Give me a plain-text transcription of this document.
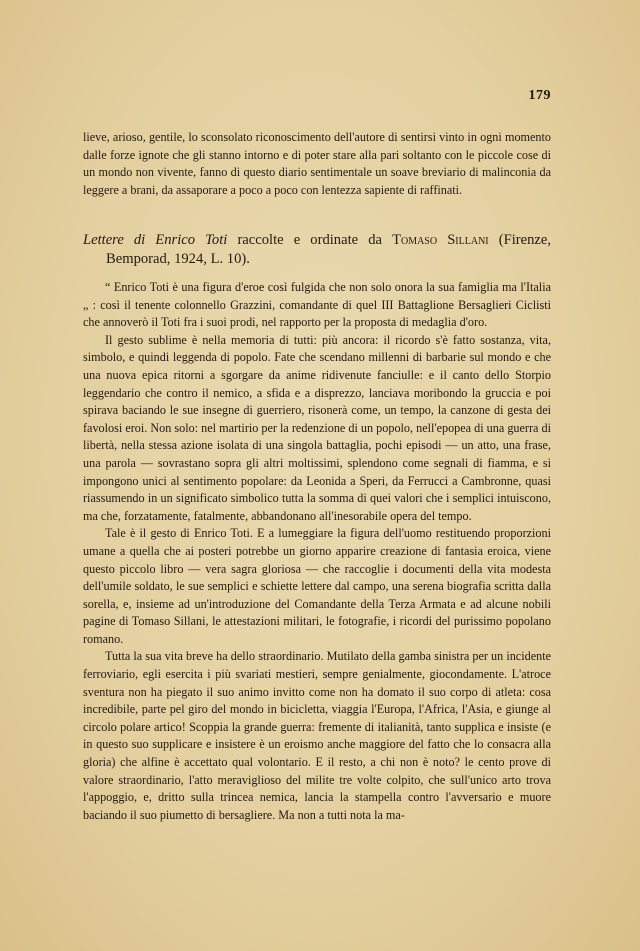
179

lieve, arioso, gentile, lo sconsolato riconoscimento dell'autore di sentirsi vinto in ogni momento dalle forze ignote che gli stanno intorno e di poter stare alla pari soltanto con le piccole cose di un mondo non vivente, fanno di questo diario sentimentale un soave breviario di malinconia da leggere a brani, da assaporare a poco a poco con lentezza sapiente di raffinati.

Lettere di Enrico Toti raccolte e ordinate da Tomaso Sillani (Firenze, Bemporad, 1924, L. 10).

“ Enrico Toti è una figura d'eroe così fulgida che non solo onora la sua famiglia ma l'Italia „ : così il tenente colonnello Grazzini, comandante di quel III Battaglione Bersaglieri Ciclisti che annoverò il Toti fra i suoi prodi, nel rapporto per la proposta di medaglia d'oro.

Il gesto sublime è nella memoria di tutti: più ancora: il ricordo s'è fatto sostanza, vita, simbolo, e quindi leggenda di popolo. Fate che scendano millenni di barbarie sul mondo e che una nuova epica ritorni a sgorgare da anime ridivenute fanciulle: e il canto dello Storpio leggendario che contro il nemico, a sfida e a disprezzo, lanciava moribondo la gruccia e poi spirava baciando le sue insegne di guerriero, risonerà come, un tempo, la canzone di gesta dei favolosi eroi. Non solo: nel martirio per la redenzione di un popolo, nell'epopea di una guerra di libertà, nella stessa azione isolata di una singola battaglia, pochi episodi — un atto, una frase, una parola — sovrastano sopra gli altri moltissimi, splendono come segnali di fiamma, e si impongono unici al sentimento popolare: da Leonida a Speri, da Ferrucci a Cambronne, quasi riassumendo in un significato simbolico tutta la somma di quei valori che i semplici intuiscono, ma che, forzatamente, fatalmente, abbandonano all'inesorabile opera del tempo.

Tale è il gesto di Enrico Toti. E a lumeggiare la figura dell'uomo restituendo proporzioni umane a quella che ai posteri potrebbe un giorno apparire creazione di fantasia eroica, viene questo piccolo libro — vera sagra gloriosa — che raccoglie i documenti della vita modesta dell'umile soldato, le sue semplici e schiette lettere dal campo, una serena biografia scritta dalla sorella, e, insieme ad un'introduzione del Comandante della Terza Armata e ad alcune nobili pagine di Tomaso Sillani, le attestazioni militari, le fotografie, i ricordi del purissimo popolano romano.

Tutta la sua vita breve ha dello straordinario. Mutilato della gamba sinistra per un incidente ferroviario, egli esercita i più svariati mestieri, sempre genialmente, giocondamente. L'atroce sventura non ha piegato il suo animo invitto come non ha domato il suo corpo di atleta: cosa incredibile, parte pel giro del mondo in bicicletta, viaggia l'Europa, l'Africa, l'Asia, e giunge al circolo polare artico! Scoppia la grande guerra: fremente di italianità, tanto supplica e insiste (e in questo suo supplicare e insistere è un eroismo anche maggiore del fatto che lo consacra alla gloria) che alfine è accettato qual volontario. E il resto, a chi non è noto? le cento prove di valore straordinario, l'atto meraviglioso del milite tre volte colpito, che sull'unico arto trova l'appoggio, e, dritto sulla trincea nemica, lancia la stampella contro l'avversario e muore baciando il suo piumetto di bersagliere. Ma non a tutti nota la ma-
